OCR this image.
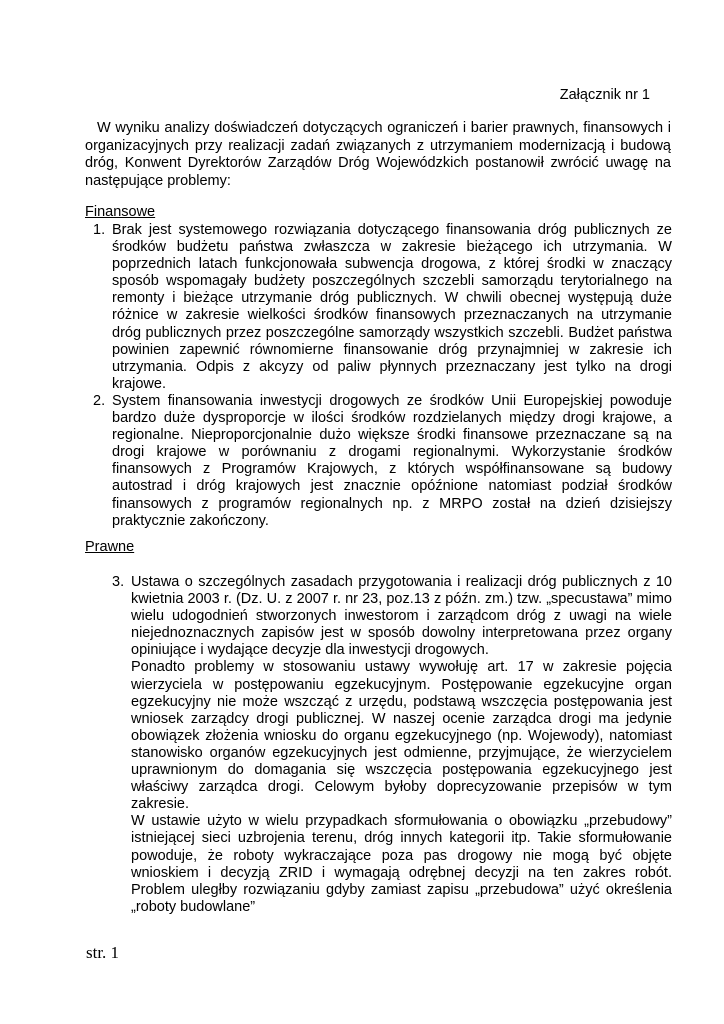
Załącznik nr 1

W wyniku analizy doświadczeń dotyczących ograniczeń i barier prawnych, finansowych i organizacyjnych przy realizacji zadań związanych z utrzymaniem modernizacją i budową dróg, Konwent Dyrektorów Zarządów Dróg Wojewódzkich postanowił zwrócić uwagę na następujące problemy:

Finansowe
1. Brak jest systemowego rozwiązania dotyczącego finansowania dróg publicznych ze środków budżetu państwa zwłaszcza w zakresie bieżącego ich utrzymania. W poprzednich latach funkcjonowała subwencja drogowa, z której środki w znaczący sposób wspomagały budżety poszczególnych szczebli samorządu terytorialnego na remonty i bieżące utrzymanie dróg publicznych. W chwili obecnej występują duże różnice w zakresie wielkości środków finansowych przeznaczanych na utrzymanie dróg publicznych przez poszczególne samorządy wszystkich szczebli. Budżet państwa powinien zapewnić równomierne finansowanie dróg przynajmniej w zakresie ich utrzymania. Odpis z akcyzy od paliw płynnych przeznaczany jest tylko na drogi krajowe.
2. System finansowania inwestycji drogowych ze środków Unii Europejskiej powoduje bardzo duże dysproporcje w ilości środków rozdzielanych między drogi krajowe, a regionalne. Nieproporcjonalnie dużo większe środki finansowe przeznaczane są na drogi krajowe w porównaniu z drogami regionalnymi. Wykorzystanie środków finansowych z Programów Krajowych, z których współfinansowane są budowy autostrad i dróg krajowych jest znacznie opóźnione natomiast podział środków finansowych z programów regionalnych np. z MRPO został na dzień dzisiejszy praktycznie zakończony.
Prawne
3. Ustawa o szczególnych zasadach przygotowania i realizacji dróg publicznych z 10 kwietnia 2003 r. (Dz. U. z 2007 r. nr 23, poz.13 z późn. zm.) tzw. „specustawa” mimo wielu udogodnień stworzonych inwestorom i zarządcom dróg z uwagi na wiele niejednoznacznych zapisów jest w sposób dowolny interpretowana przez organy opiniujące i wydające decyzje dla inwestycji drogowych.

Ponadto problemy w stosowaniu ustawy wywołuję art. 17 w zakresie pojęcia wierzyciela w postępowaniu egzekucyjnym. Postępowanie egzekucyjne organ egzekucyjny nie może wszcząć z urzędu, podstawą wszczęcia postępowania jest wniosek zarządcy drogi publicznej. W naszej ocenie zarządca drogi ma jedynie obowiązek złożenia wniosku do organu egzekucyjnego (np. Wojewody), natomiast stanowisko organów egzekucyjnych jest odmienne, przyjmujące, że wierzycielem uprawnionym do domagania się wszczęcia postępowania egzekucyjnego jest właściwy zarządca drogi. Celowym byłoby doprecyzowanie przepisów w tym zakresie.

W ustawie użyto w wielu przypadkach sformułowania o obowiązku „przebudowy” istniejącej sieci uzbrojenia terenu, dróg innych kategorii itp. Takie sformułowanie powoduje, że roboty wykraczające poza pas drogowy nie mogą być objęte wnioskiem i decyzją ZRID i wymagają odrębnej decyzji na ten zakres robót. Problem uległby rozwiązaniu gdyby zamiast zapisu „przebudowa” użyć określenia „roboty budowlane”

str. 1
